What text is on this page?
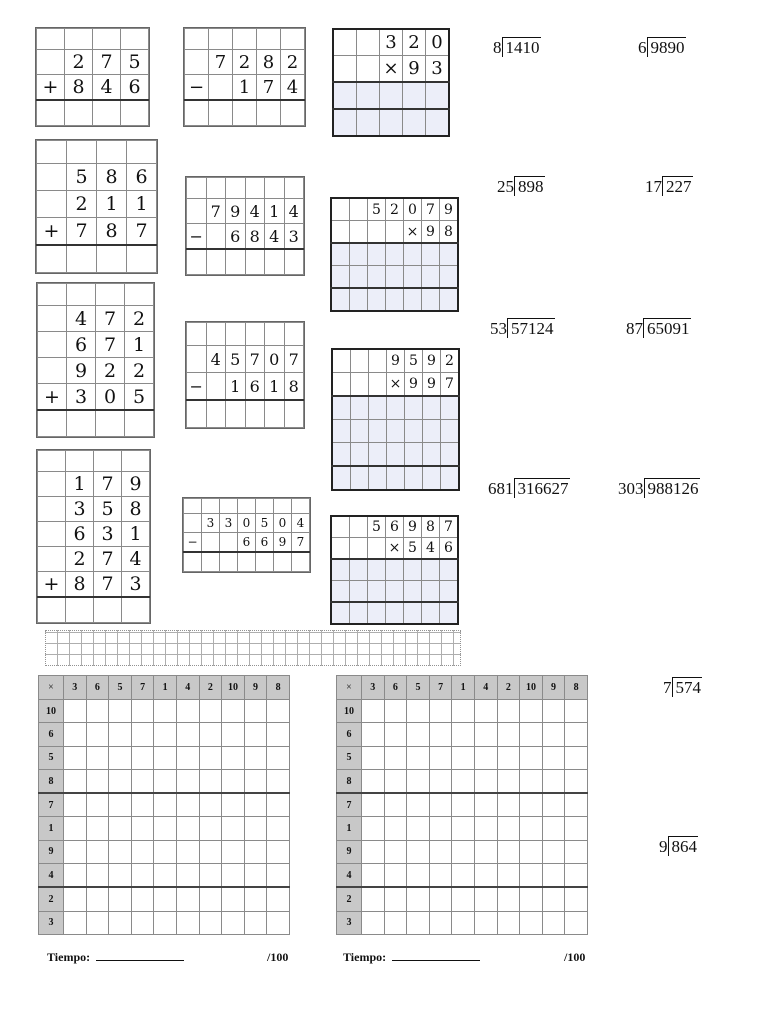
	2	7	5
+	8	4	6

	5	8	6
	2	1	1
+	7	8	7

	4	7	2
	6	7	1
	9	2	2
+	3	0	5

	1	7	9
	3	5	8
	6	3	1
	2	7	4
+	8	7	3

	7	2	8	2
−		1	7	4

	7	9	4	1	4
−		6	8	4	3

	4	5	7	0	7
−		1	6	1	8

	3	3	0	5	0	4
−			6	6	9	7

		3	2	0
		×	9	3

		5	2	0	7	9
				×	9	8

			9	5	9	2
			×	9	9	7

		5	6	9	8	7
			×	5	4	6

8 1410	6 9890
25 898	17 227
53 57124	87 65091
681 316627	303 988126
7 574
9 864
×	3	6	5	7	1	4	2	10	9	8
10										
6										
5										
8										
7										
1										
9										
4										
2										
3										
×	3	6	5	7	1	4	2	10	9	8
10										
6										
5										
8										
7										
1										
9										
4										
2										
3										
Tiempo:	/100	Tiempo:	/100
